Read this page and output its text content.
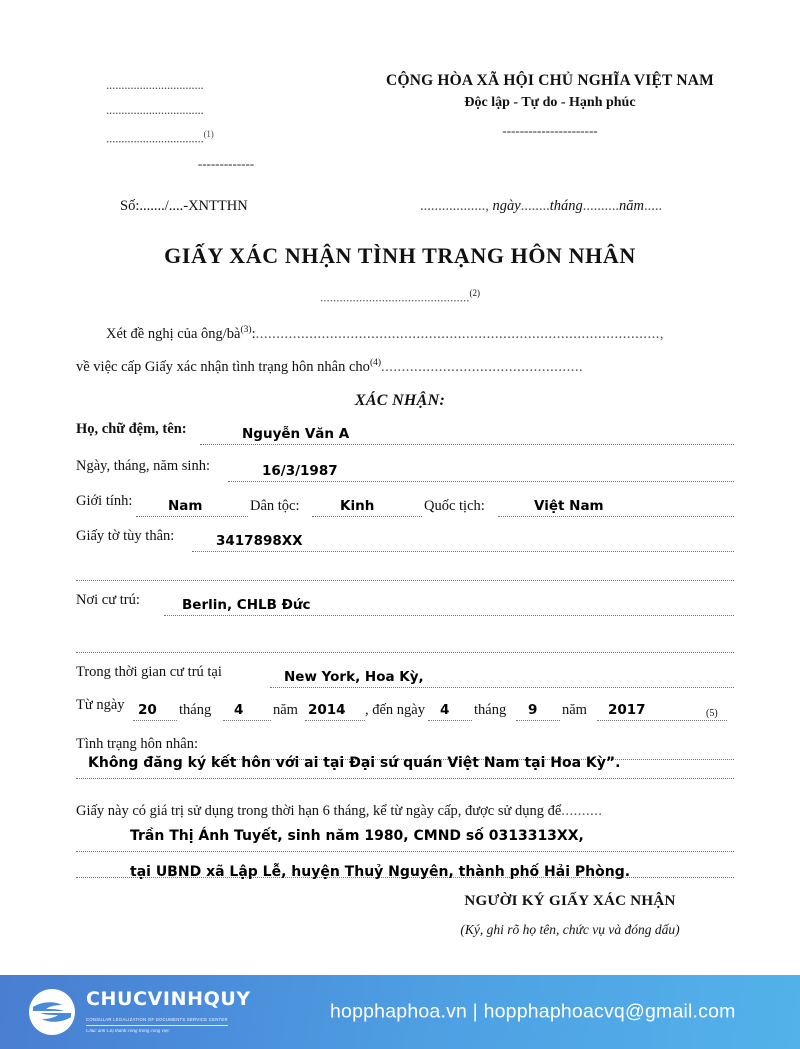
................................
................................
................................$^{(1)}$
-------------
CỘNG HÒA XÃ HỘI CHỦ NGHĨA VIỆT NAM
Độc lập - Tự do - Hạnh phúc
----------------------
Số:......./....-XNTTHN	.................., ngày........tháng..........năm.....
GIẤY XÁC NHẬN TÌNH TRẠNG HÔN NHÂN
..............................................$^{(2)}$
Xét đề nghị của ông/$bà^{(3)}$:..................................................................................................,
về việc cấp Giấy xác nhận tình trạng hôn nhân cho$^{(4)}$.................................................
XÁC NHẬN:
Họ, chữ đệm, tên:	Nguyễn Văn A
Ngày, tháng, năm sinh:	16/3/1987
Giới tính:	Nam	Dân tộc:	Kinh	Quốc tịch:	Việt Nam
Giấy tờ tùy thân:	3417898XX
Nơi cư trú:	Berlin, CHLB Đức
Trong thời gian cư trú tại	New York, Hoa Kỳ,
Từ ngày 20 tháng 4 năm 2014 , đến ngày 4 tháng 9 năm 2017	(5)
Tình trạng hôn nhân:
Không đăng ký kết hôn với ai tại Đại sứ quán Việt Nam tại Hoa Kỳ”.
Giấy này có giá trị sử dụng trong thời hạn 6 tháng, kể từ ngày cấp, được sử dụng để..........
Trần Thị Ánh Tuyết, sinh năm 1980, CMND số 0313313XX,
tại UBND xã Lập Lễ, huyện Thuỷ Nguyên, thành phố Hải Phòng.
NGƯỜI KÝ GIẤY XÁC NHẬN
(Ký, ghi rõ họ tên, chức vụ và đóng dấu)
CHUCVINHQUY
CONSULAR LEGALIZATION OF DOCUMENTS SERVICE CENTER
Chúc anh Chị thành công trong công việc
hopphaphoa.vn | hopphaphoacvq@gmail.com
